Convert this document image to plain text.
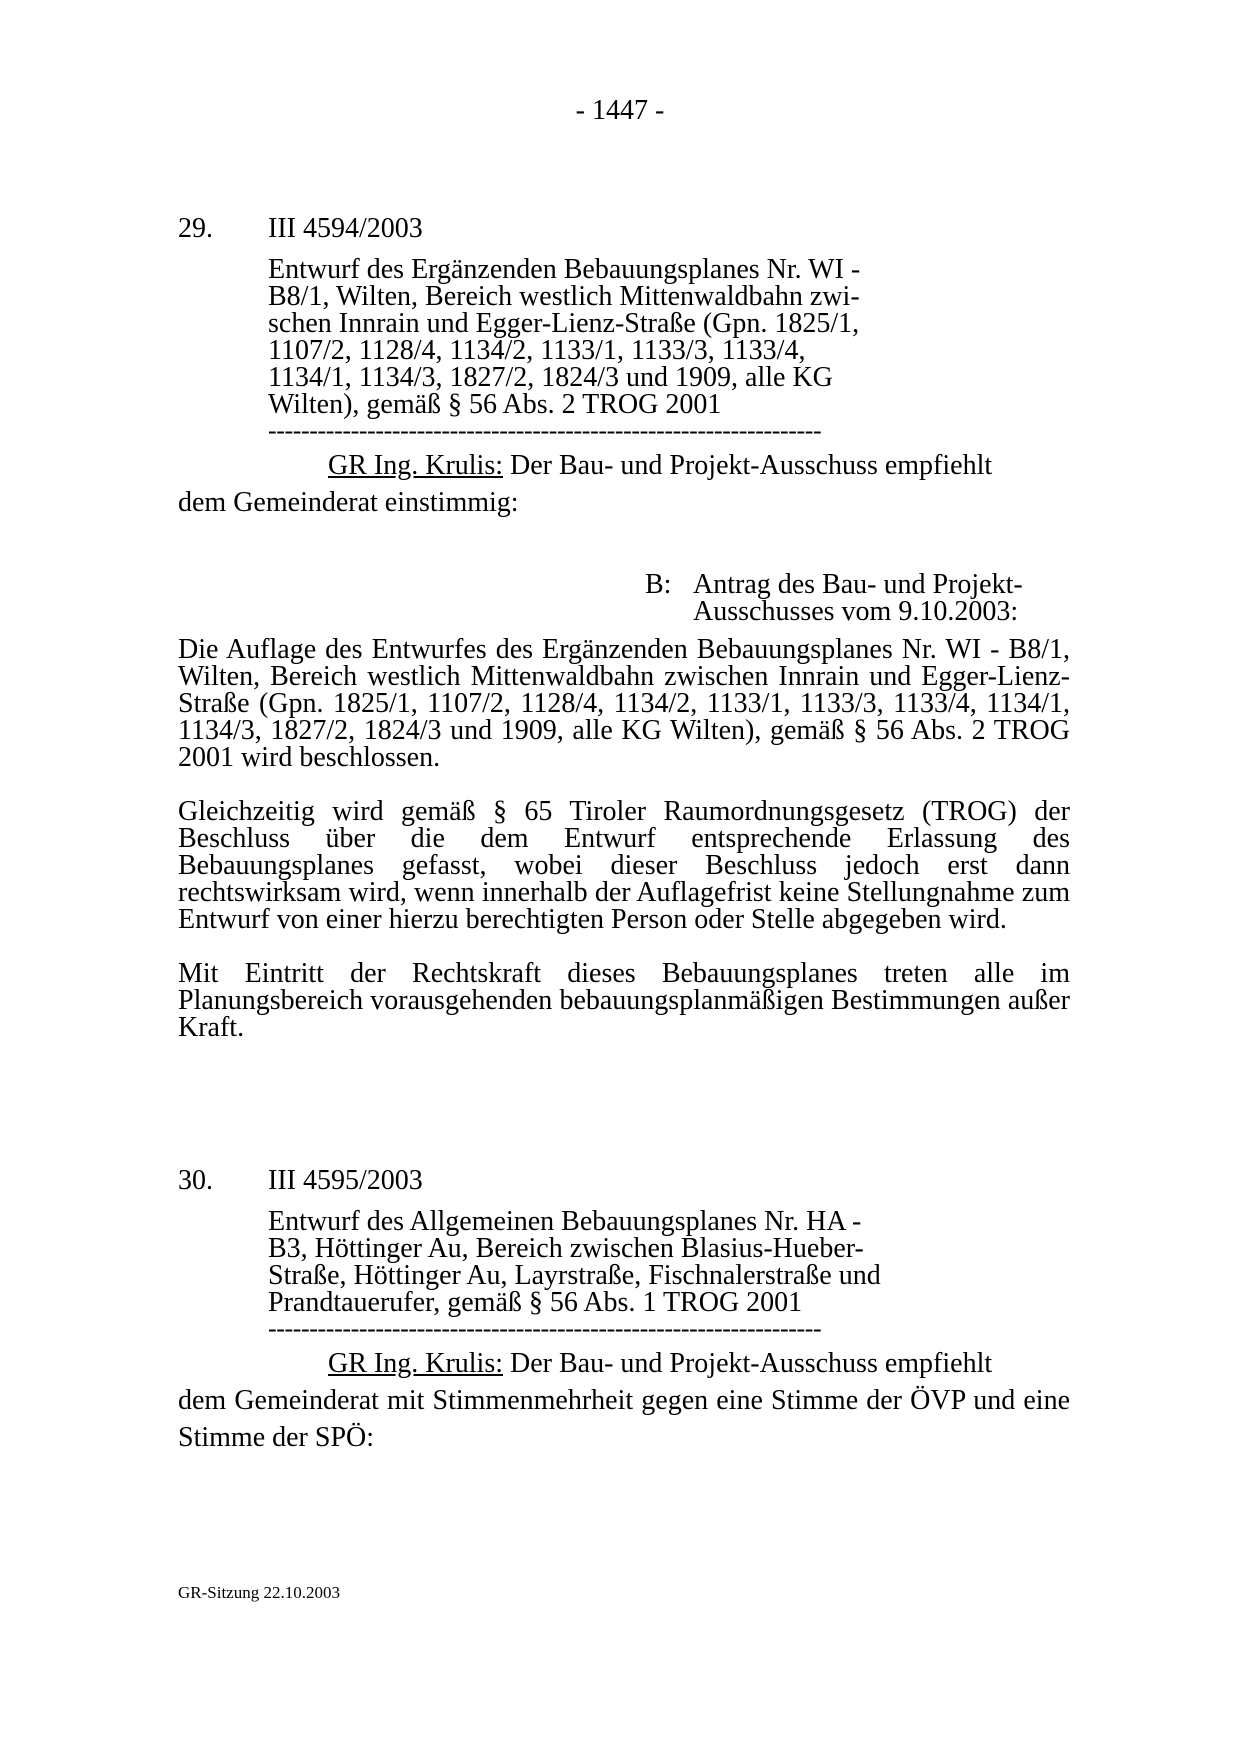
- 1447 -
29. III 4594/2003
Entwurf des Ergänzenden Bebauungsplanes Nr. WI -
B8/1, Wilten, Bereich westlich Mittenwaldbahn zwi-
schen Innrain und Egger-Lienz-Straße (Gpn. 1825/1,
1107/2, 1128/4, 1134/2, 1133/1, 1133/3, 1133/4,
1134/1, 1134/3, 1827/2, 1824/3 und 1909, alle KG
Wilten), gemäß § 56 Abs. 2 TROG 2001
-------------------------------------------------------------------
GR Ing. Krulis: Der Bau- und Projekt-Ausschuss empfiehlt
dem Gemeinderat einstimmig:
B: Antrag des Bau- und Projekt-
Ausschusses vom 9.10.2003:

Die Auflage des Entwurfes des Ergänzenden Bebauungsplanes Nr. WI - B8/1, Wilten, Bereich westlich Mittenwaldbahn zwischen Innrain und Egger-Lienz-Straße (Gpn. 1825/1, 1107/2, 1128/4, 1134/2, 1133/1, 1133/3, 1133/4, 1134/1, 1134/3, 1827/2, 1824/3 und 1909, alle KG Wilten), gemäß § 56 Abs. 2 TROG 2001 wird beschlossen.

Gleichzeitig wird gemäß § 65 Tiroler Raumordnungsgesetz (TROG) der Beschluss über die dem Entwurf entsprechende Erlassung des Bebauungsplanes gefasst, wobei dieser Beschluss jedoch erst dann rechtswirksam wird, wenn innerhalb der Auflagefrist keine Stellungnahme zum Entwurf von einer hierzu berechtigten Person oder Stelle abgegeben wird.

Mit Eintritt der Rechtskraft dieses Bebauungsplanes treten alle im Planungsbereich vorausgehenden bebauungsplanmäßigen Bestimmungen außer Kraft.

30. III 4595/2003
Entwurf des Allgemeinen Bebauungsplanes Nr. HA -
B3, Höttinger Au, Bereich zwischen Blasius-Hueber-
Straße, Höttinger Au, Layrstraße, Fischnalerstraße und
Prandtauerufer, gemäß § 56 Abs. 1 TROG 2001
-------------------------------------------------------------------
GR Ing. Krulis: Der Bau- und Projekt-Ausschuss empfiehlt
dem Gemeinderat mit Stimmenmehrheit gegen eine Stimme der ÖVP und eine Stimme der SPÖ:
GR-Sitzung 22.10.2003
